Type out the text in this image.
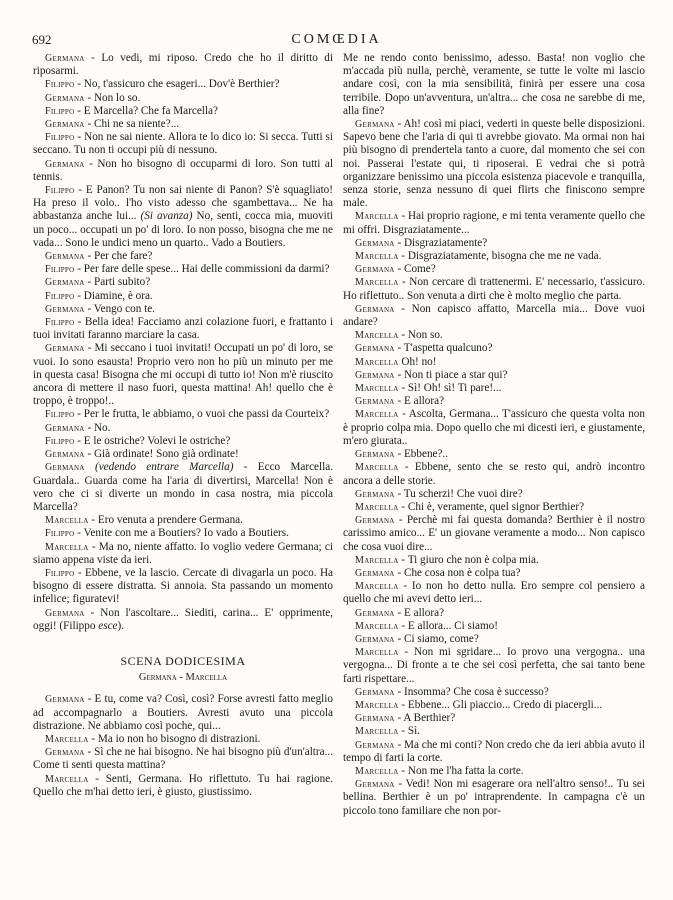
692	COMŒDIA

Germana - Lo vedi, mi riposo. Credo che ho il diritto di riposarmi.

Filippo - No, t'assicuro che esageri... Dov'è Berthier?

Germana - Non lo so.

Filippo - E Marcella? Che fa Marcella?

Germana - Chi ne sa niente?...

Filippo - Non ne sai niente. Allora te lo dico io: Si secca. Tutti si seccano. Tu non ti occupi più di nessuno.

Germana - Non ho bisogno di occuparmi di loro. Son tutti al tennis.

Filippo - E Panon? Tu non sai niente di Panon? S'è squagliato! Ha preso il volo.. l'ho visto adesso che sgambettava... Ne ha abbastanza anche lui... (Si avanza) No, senti, cocca mia, muoviti un poco... occupati un po' di loro. Io non posso, bisogna che me ne vada... Sono le undici meno un quarto.. Vado a Boutiers.

Germana - Per che fare?

Filippo - Per fare delle spese... Hai delle commissioni da darmi?

Germana - Parti subito?

Filippo - Diamine, è ora.

Germana - Vengo con te.

Filippo - Bella idea! Facciamo anzi colazione fuori, e frattanto i tuoi invitati faranno marciare la casa.

Germana - Mi seccano i tuoi invitati! Occupati un po' di loro, se vuoi. Io sono esausta! Proprio vero non ho più un minuto per me in questa casa! Bisogna che mi occupi di tutto io! Non m'è riuscito ancora di mettere il naso fuori, questa mattina! Ah! quello che è troppo, è troppo!..

Filippo - Per le frutta, le abbiamo, o vuoi che passi da Courteix?

Germana - No.

Filippo - E le ostriche? Volevi le ostriche?

Germana - Già ordinate! Sono già ordinate!

Germana (vedendo entrare Marcella) - Ecco Marcella. Guardala.. Guarda come ha l'aria di divertirsi, Marcella! Non è vero che ci si diverte un mondo in casa nostra, mia piccola Marcella?

Marcella - Ero venuta a prendere Germana.

Filippo - Venite con me a Boutiers? Io vado a Boutiers.

Marcella - Ma no, niente affatto. Io voglio vedere Germana; ci siamo appena viste da ieri.

Filippo - Ebbene, ve la lascio. Cercate di divagarla un poco. Ha bisogno di essere distratta. Si annoia. Sta passando un momento infelice; figuratevi!

Germana - Non l'ascoltare... Siediti, carina... E' opprimente, oggi! (Filippo esce).

SCENA DODICESIMA

Germana - Marcella

Germana - E tu, come va? Così, così? Forse avresti fatto meglio ad accompagnarlo a Boutiers. Avresti avuto una piccola distrazione. Ne abbiamo così poche, qui...

Marcella - Ma io non ho bisogno di distrazioni.

Germana - Sì che ne hai bisogno. Ne hai bisogno più d'un'altra... Come ti senti questa mattina?

Marcella - Senti, Germana. Ho riflettuto. Tu hai ragione. Quello che m'hai detto ieri, è giusto, giustissimo.

Me ne rendo conto benissimo, adesso. Basta! non voglio che m'accada più nulla, perchè, veramente, se tutte le volte mi lascio andare così, con la mia sensibilità, finirà per essere una cosa terribile. Dopo un'avventura, un'altra... che cosa ne sarebbe di me, alla fine?

Germana - Ah! così mi piaci, vederti in queste belle disposizioni. Sapevo bene che l'aria di qui ti avrebbe giovato. Ma ormai non hai più bisogno di prendertela tanto a cuore, dal momento che sei con noi. Passerai l'estate qui, ti riposerai. E vedrai che si potrà organizzare benissimo una piccola esistenza piacevole e tranquilla, senza storie, senza nessuno di quei flirts che finiscono sempre male.

Marcella - Hai proprio ragione, e mi tenta veramente quello che mi offri. Disgraziatamente...

Germana - Disgraziatamente?

Marcella - Disgraziatamente, bisogna che me ne vada.

Germana - Come?

Marcella - Non cercare di trattenermi. E' necessario, t'assicuro. Ho riflettuto.. Son venuta a dirti che è molto meglio che parta.

Germana - Non capisco affatto, Marcella mia... Dove vuoi andare?

Marcella - Non so.

Germana - T'aspetta qualcuno?

Marcella Oh! no!

Germana - Non ti piace a star qui?

Marcella - Sì! Oh! sì! Ti pare!...

Germana - E allora?

Marcella - Ascolta, Germana... T'assicuro che questa volta non è proprio colpa mia. Dopo quello che mi dicesti ieri, e giustamente, m'ero giurata..

Germana - Ebbene?..

Marcella - Ebbene, sento che se resto qui, andrò incontro ancora a delle storie.

Germana - Tu scherzi! Che vuoi dire?

Marcella - Chi è, veramente, quel signor Berthier?

Germana - Perchè mi fai questa domanda? Berthier è il nostro carissimo amico... E' un giovane veramente a modo... Non capisco che cosa vuoi dire...

Marcella - Ti giuro che non è colpa mia.

Germana - Che cosa non è colpa tua?

Marcella - Io non ho detto nulla. Ero sempre col pensiero a quello che mi avevi detto ieri...

Germana - E allora?

Marcella - E allora... Ci siamo!

Germana - Ci siamo, come?

Marcella - Non mi sgridare... Io provo una vergogna.. una vergogna... Di fronte a te che sei così perfetta, che sai tanto bene farti rispettare...

Germana - Insomma? Che cosa è successo?

Marcella - Ebbene... Gli piaccio... Credo di piacergli...

Germana - A Berthier?

Marcella - Sì.

Germana - Ma che mi conti? Non credo che da ieri abbia avuto il tempo di farti la corte.

Marcella - Non me l'ha fatta la corte.

Germana - Vedi! Non mi esagerare ora nell'altro senso!.. Tu sei bellina. Berthier è un po' intraprendente. In campagna c'è un piccolo tono familiare che non por-
